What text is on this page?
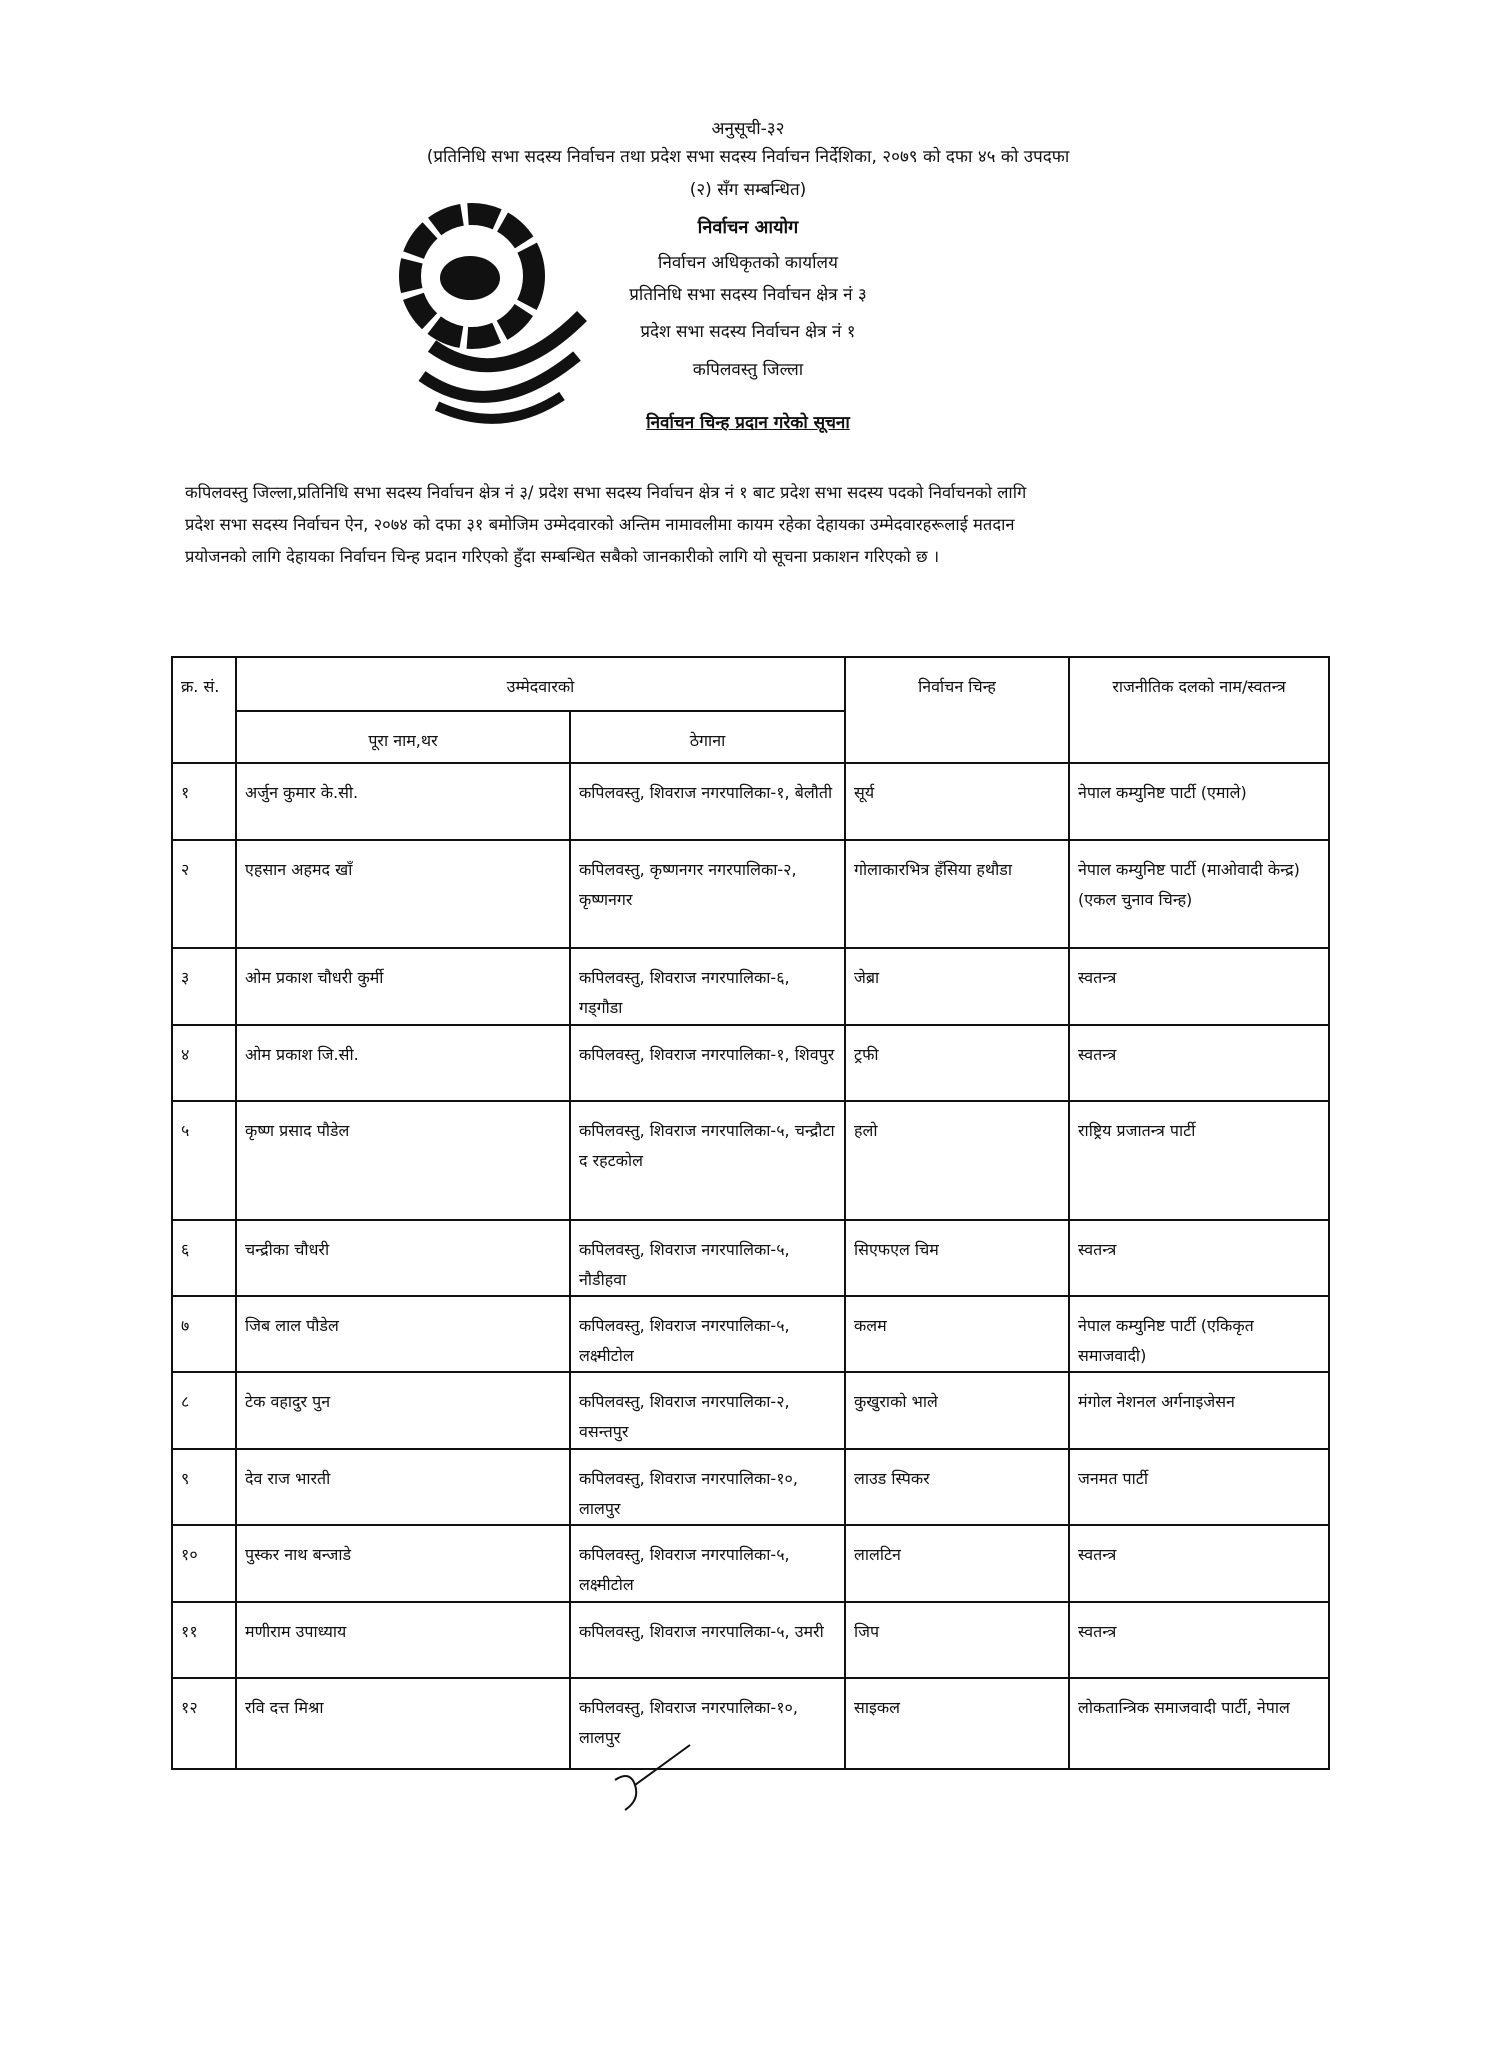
अनुसूची-३२
(प्रतिनिधि सभा सदस्य निर्वाचन तथा प्रदेश सभा सदस्य निर्वाचन निर्देशिका, २०७९ को दफा ४५ को उपदफा
(२) सँग सम्बन्धित)
निर्वाचन आयोग
निर्वाचन अधिकृतको कार्यालय
प्रतिनिधि सभा सदस्य निर्वाचन क्षेत्र नं ३
प्रदेश सभा सदस्य निर्वाचन क्षेत्र नं १
कपिलवस्तु जिल्ला
निर्वाचन चिन्ह प्रदान गरेको सूचना

कपिलवस्तु जिल्ला,प्रतिनिधि सभा सदस्य निर्वाचन क्षेत्र नं ३/ प्रदेश सभा सदस्य निर्वाचन क्षेत्र नं १ बाट प्रदेश सभा सदस्य पदको निर्वाचनको लागि प्रदेश सभा सदस्य निर्वाचन ऐन, २०७४ को दफा ३१ बमोजिम उम्मेदवारको अन्तिम नामावलीमा कायम रहेका देहायका उम्मेदवारहरूलाई मतदान प्रयोजनको लागि देहायका निर्वाचन चिन्ह प्रदान गरिएको हुँदा सम्बन्धित सबैको जानकारीको लागि यो सूचना प्रकाशन गरिएको छ ।

क्र. सं.	उम्मेदवारको		निर्वाचन चिन्ह	राजनीतिक दलको नाम/स्वतन्त्र
	पूरा नाम,थर	ठेगाना		
१	अर्जुन कुमार के.सी.	कपिलवस्तु, शिवराज नगरपालिका-१, बेलौती	सूर्य	नेपाल कम्युनिष्ट पार्टी (एमाले)
२	एहसान अहमद खाँ	कपिलवस्तु, कृष्णनगर नगरपालिका-२, कृष्णनगर	गोलाकारभित्र हँसिया हथौडा	नेपाल कम्युनिष्ट पार्टी (माओवादी केन्द्र)(एकल चुनाव चिन्ह)
३	ओम प्रकाश चौधरी कुर्मी	कपिलवस्तु, शिवराज नगरपालिका-६, गड्गौडा	जेब्रा	स्वतन्त्र
४	ओम प्रकाश जि.सी.	कपिलवस्तु, शिवराज नगरपालिका-१, शिवपुर	ट्रफी	स्वतन्त्र
५	कृष्ण प्रसाद पौडेल	कपिलवस्तु, शिवराज नगरपालिका-५, चन्द्रौटा द रहटकोल	हलो	राष्ट्रिय प्रजातन्त्र पार्टी
६	चन्द्रीका चौधरी	कपिलवस्तु, शिवराज नगरपालिका-५, नौडीहवा	सिएफएल चिम	स्वतन्त्र
७	जिब लाल पौडेल	कपिलवस्तु, शिवराज नगरपालिका-५, लक्ष्मीटोल	कलम	नेपाल कम्युनिष्ट पार्टी (एकिकृत समाजवादी)
८	टेक वहादुर पुन	कपिलवस्तु, शिवराज नगरपालिका-२, वसन्तपुर	कुखुराको भाले	मंगोल नेशनल अर्गनाइजेसन
९	देव राज भारती	कपिलवस्तु, शिवराज नगरपालिका-१०, लालपुर	लाउड स्पिकर	जनमत पार्टी
१०	पुस्कर नाथ बन्जाडे	कपिलवस्तु, शिवराज नगरपालिका-५, लक्ष्मीटोल	लालटिन	स्वतन्त्र
११	मणीराम उपाध्याय	कपिलवस्तु, शिवराज नगरपालिका-५, उमरी	जिप	स्वतन्त्र
१२	रवि दत्त मिश्रा	कपिलवस्तु, शिवराज नगरपालिका-१०, लालपुर	साइकल	लोकतान्त्रिक समाजवादी पार्टी, नेपाल
